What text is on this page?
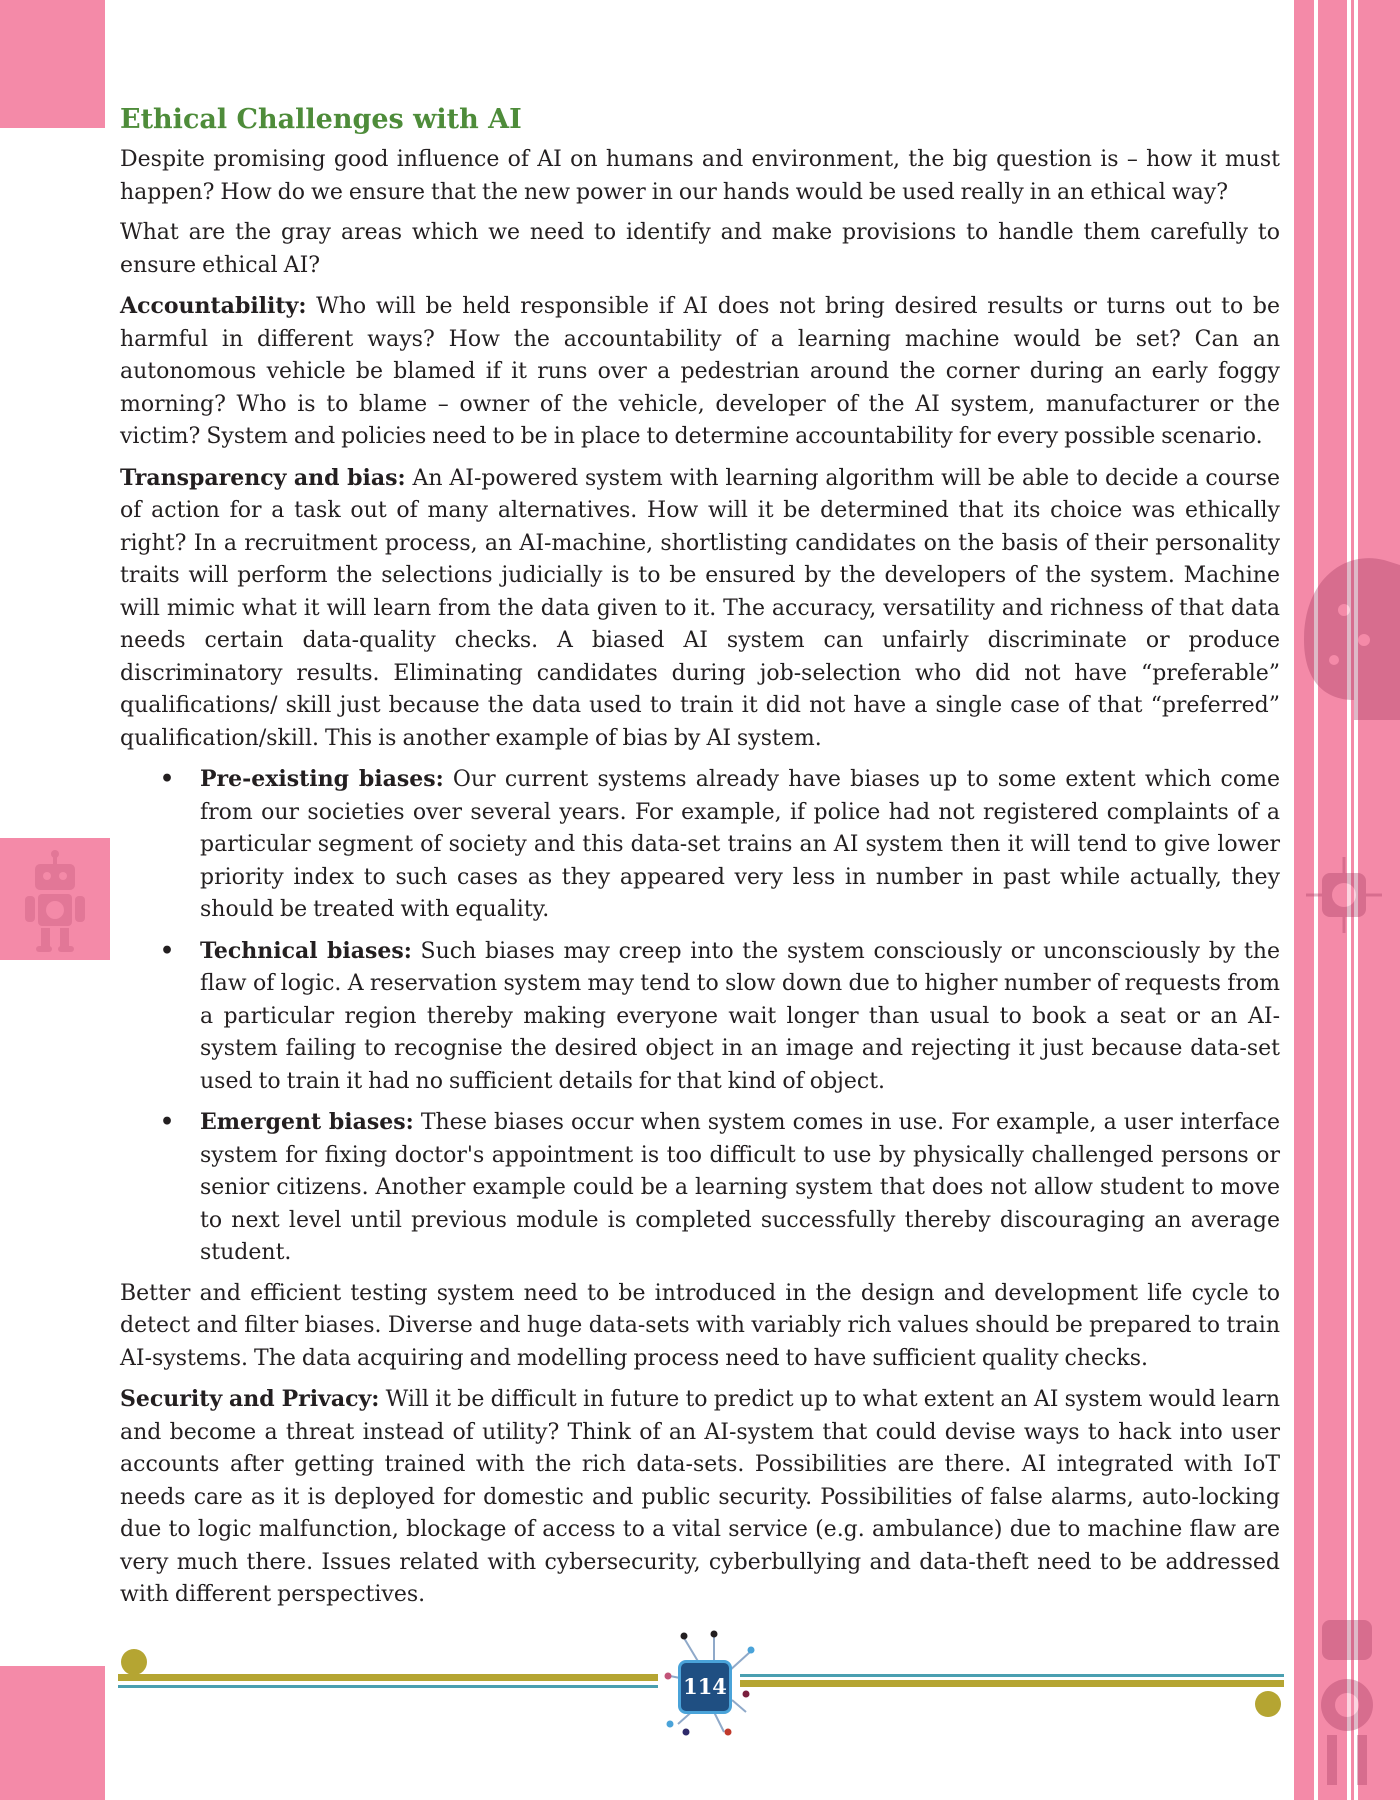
Ethical Challenges with AI

Despite promising good influence of AI on humans and environment, the big question is – how it must happen? How do we ensure that the new power in our hands would be used really in an ethical way?

What are the gray areas which we need to identify and make provisions to handle them carefully to ensure ethical AI?

Accountability: Who will be held responsible if AI does not bring desired results or turns out to be harmful in different ways? How the accountability of a learning machine would be set? Can an autonomous vehicle be blamed if it runs over a pedestrian around the corner during an early foggy morning? Who is to blame – owner of the vehicle, developer of the AI system, manufacturer or the victim? System and policies need to be in place to determine accountability for every possible scenario.

Transparency and bias: An AI-powered system with learning algorithm will be able to decide a course of action for a task out of many alternatives. How will it be determined that its choice was ethically right? In a recruitment process, an AI-machine, shortlisting candidates on the basis of their personality traits will perform the selections judicially is to be ensured by the developers of the system. Machine will mimic what it will learn from the data given to it. The accuracy, versatility and richness of that data needs certain data-quality checks. A biased AI system can unfairly discriminate or produce discriminatory results. Eliminating candidates during job-selection who did not have “preferable” qualifications/ skill just because the data used to train it did not have a single case of that “preferred” qualification/skill. This is another example of bias by AI system.

• Pre-existing biases: Our current systems already have biases up to some extent which come from our societies over several years. For example, if police had not registered complaints of a particular segment of society and this data-set trains an AI system then it will tend to give lower priority index to such cases as they appeared very less in number in past while actually, they should be treated with equality.
• Technical biases: Such biases may creep into the system consciously or unconsciously by the flaw of logic. A reservation system may tend to slow down due to higher number of requests from a particular region thereby making everyone wait longer than usual to book a seat or an AI-system failing to recognise the desired object in an image and rejecting it just because data-set used to train it had no sufficient details for that kind of object.
• Emergent biases: These biases occur when system comes in use. For example, a user interface system for fixing doctor's appointment is too difficult to use by physically challenged persons or senior citizens. Another example could be a learning system that does not allow student to move to next level until previous module is completed successfully thereby discouraging an average student.

Better and efficient testing system need to be introduced in the design and development life cycle to detect and filter biases. Diverse and huge data-sets with variably rich values should be prepared to train AI-systems. The data acquiring and modelling process need to have sufficient quality checks.

Security and Privacy: Will it be difficult in future to predict up to what extent an AI system would learn and become a threat instead of utility? Think of an AI-system that could devise ways to hack into user accounts after getting trained with the rich data-sets. Possibilities are there. AI integrated with IoT needs care as it is deployed for domestic and public security. Possibilities of false alarms, auto-locking due to logic malfunction, blockage of access to a vital service (e.g. ambulance) due to machine flaw are very much there. Issues related with cybersecurity, cyberbullying and data-theft need to be addressed with different perspectives.

114
